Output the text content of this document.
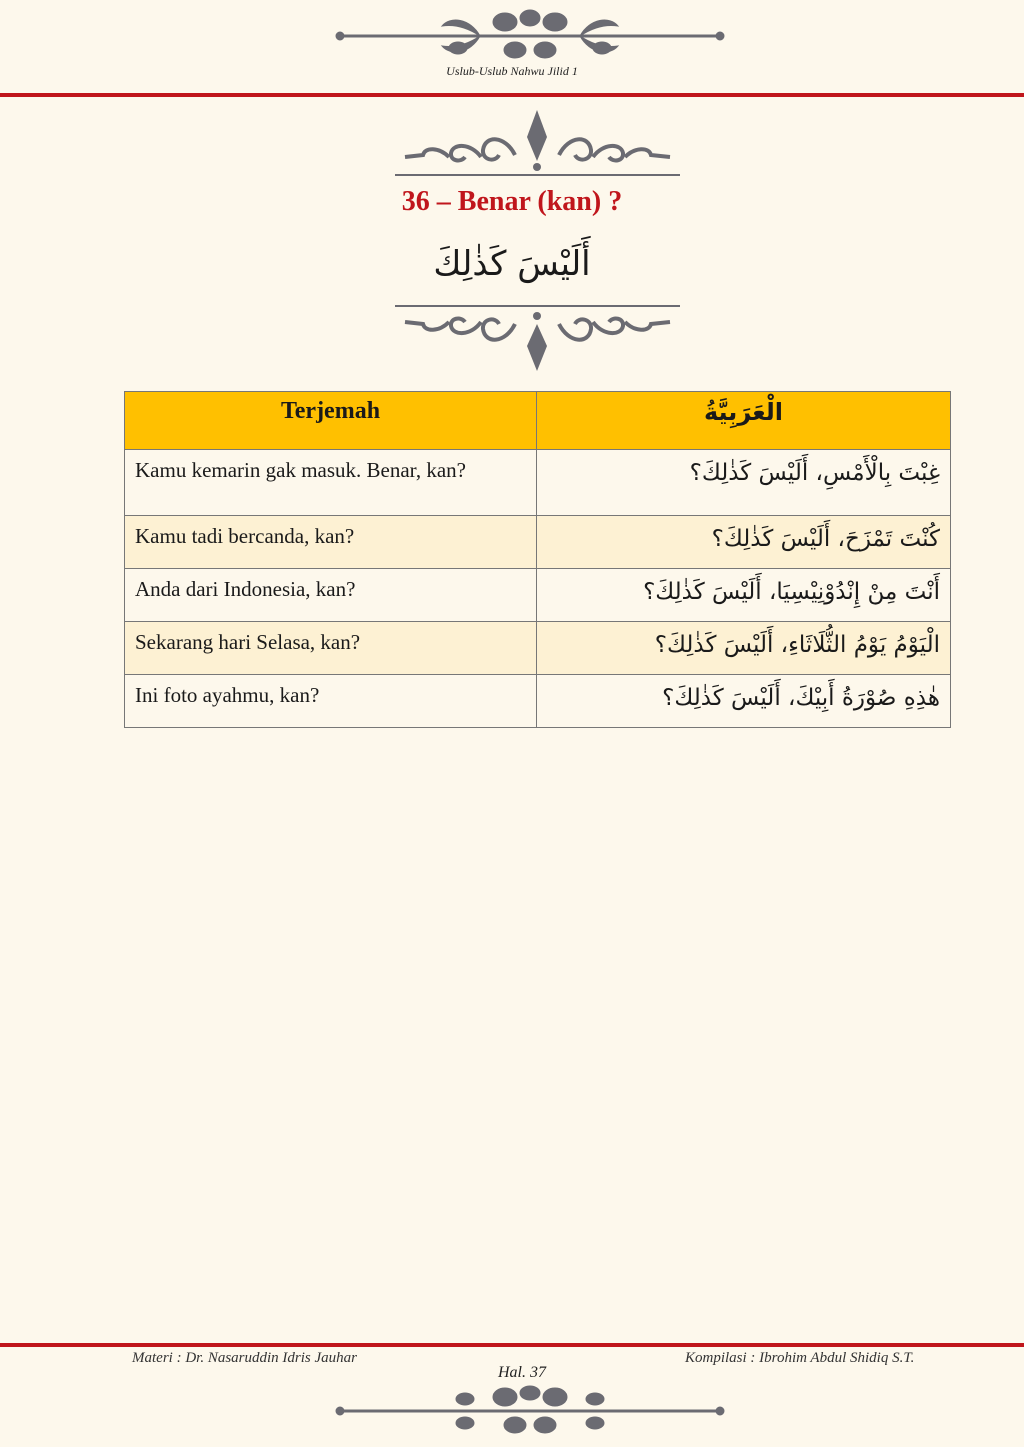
Uslub-Uslub Nahwu Jilid 1
36 – Benar (kan) ?
أَلَيْسَ كَذٰلِكَ
Terjemah	الْعَرَبِيَّةُ
Kamu kemarin gak masuk. Benar, kan?	غِبْتَ بِالْأَمْسِ، أَلَيْسَ كَذٰلِكَ؟
Kamu tadi bercanda, kan?	كُنْتَ تَمْزَحَ، أَلَيْسَ كَذٰلِكَ؟
Anda dari Indonesia, kan?	أَنْتَ مِنْ إِنْدُوْنِيْسِيَا، أَلَيْسَ كَذٰلِكَ؟
Sekarang hari Selasa, kan?	الْيَوْمُ يَوْمُ الثُّلَاثَاءِ، أَلَيْسَ كَذٰلِكَ؟
Ini foto ayahmu, kan?	هٰذِهِ صُوْرَةُ أَبِيْكَ، أَلَيْسَ كَذٰلِكَ؟
Materi : Dr. Nasaruddin Idris Jauhar	Kompilasi : Ibrohim Abdul Shidiq S.T.
Hal. 37
